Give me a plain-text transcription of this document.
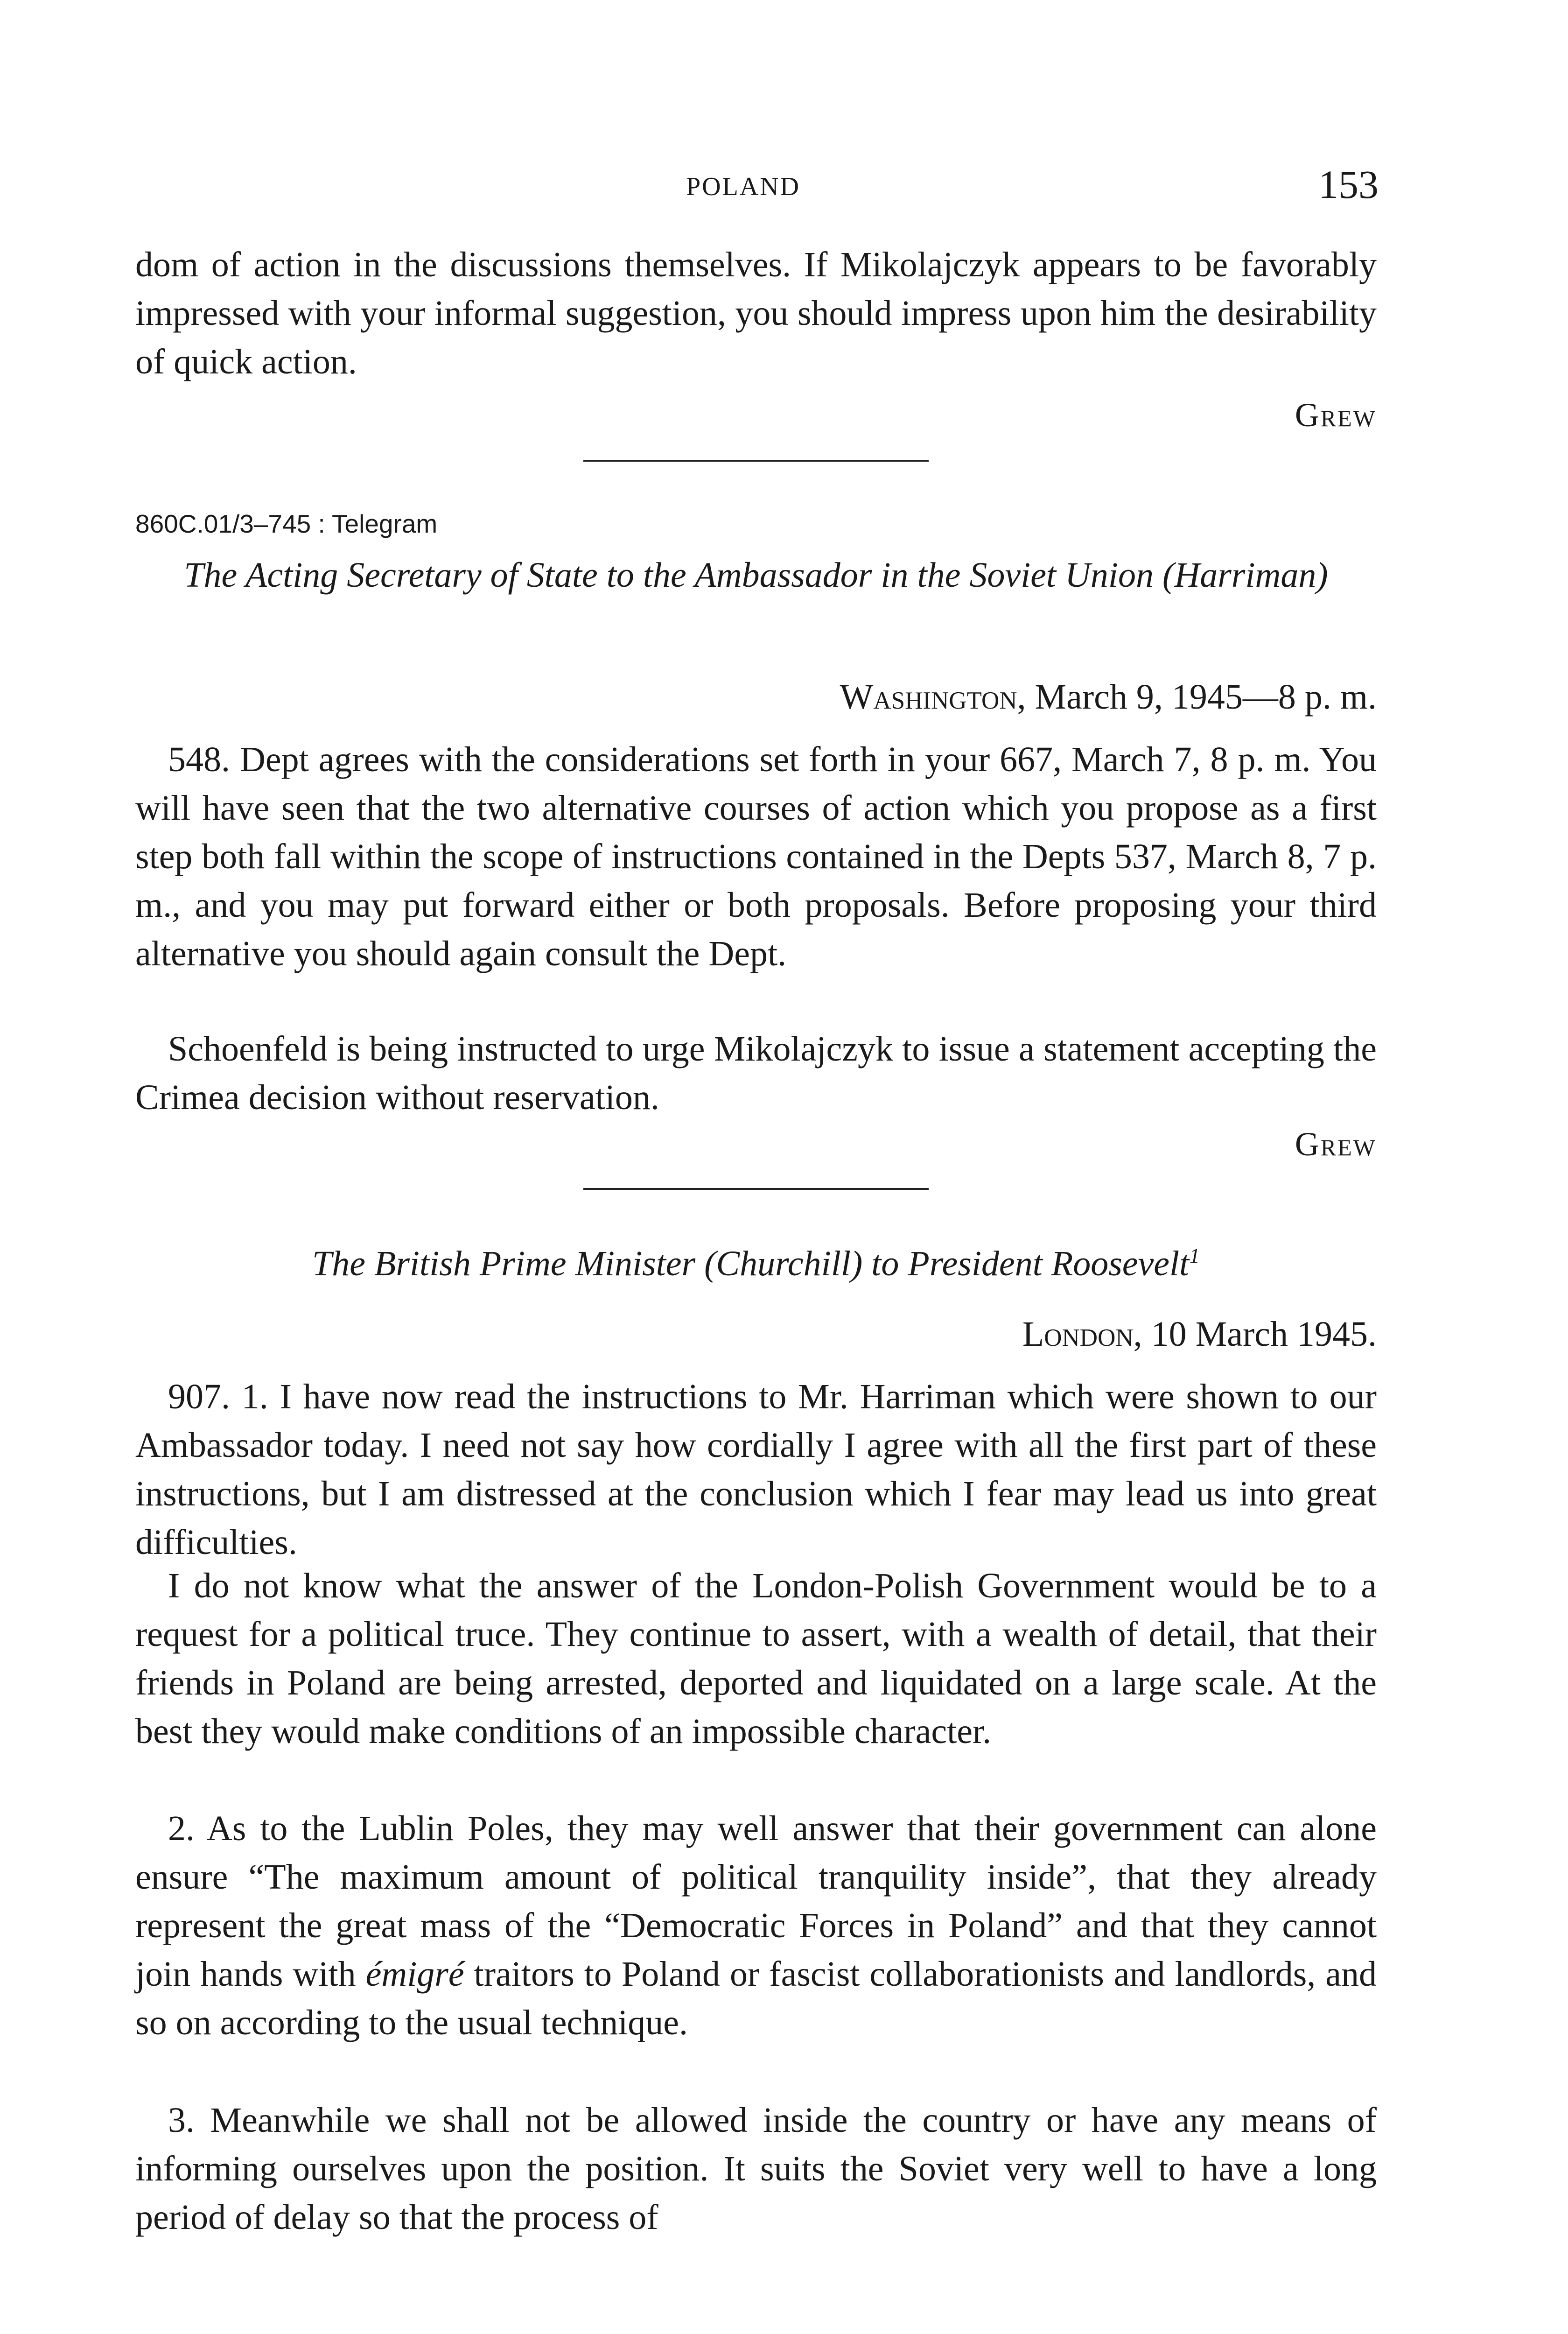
POLAND	153

dom of action in the discussions themselves. If Mikolajczyk appears to be favorably impressed with your informal suggestion, you should impress upon him the desirability of quick action.

Grew
860C.01/3–745 : Telegram

The Acting Secretary of State to the Ambassador in the Soviet Union (Harriman)

Washington, March 9, 1945—8 p. m.

548. Dept agrees with the considerations set forth in your 667, March 7, 8 p. m. You will have seen that the two alternative courses of action which you propose as a first step both fall within the scope of instructions contained in the Depts 537, March 8, 7 p. m., and you may put forward either or both proposals. Before proposing your third alternative you should again consult the Dept.

Schoenfeld is being instructed to urge Mikolajczyk to issue a statement accepting the Crimea decision without reservation.

Grew

The British Prime Minister (Churchill) to President Roosevelt$^1$

London, 10 March 1945.

907. 1. I have now read the instructions to Mr. Harriman which were shown to our Ambassador today. I need not say how cordially I agree with all the first part of these instructions, but I am distressed at the conclusion which I fear may lead us into great difficulties.

I do not know what the answer of the London-Polish Government would be to a request for a political truce. They continue to assert, with a wealth of detail, that their friends in Poland are being arrested, deported and liquidated on a large scale. At the best they would make conditions of an impossible character.

2. As to the Lublin Poles, they may well answer that their government can alone ensure “The maximum amount of political tranquility inside”, that they already represent the great mass of the “Democratic Forces in Poland” and that they cannot join hands with émigré traitors to Poland or fascist collaborationists and landlords, and so on according to the usual technique.

3. Meanwhile we shall not be allowed inside the country or have any means of informing ourselves upon the position. It suits the Soviet very well to have a long period of delay so that the process of
